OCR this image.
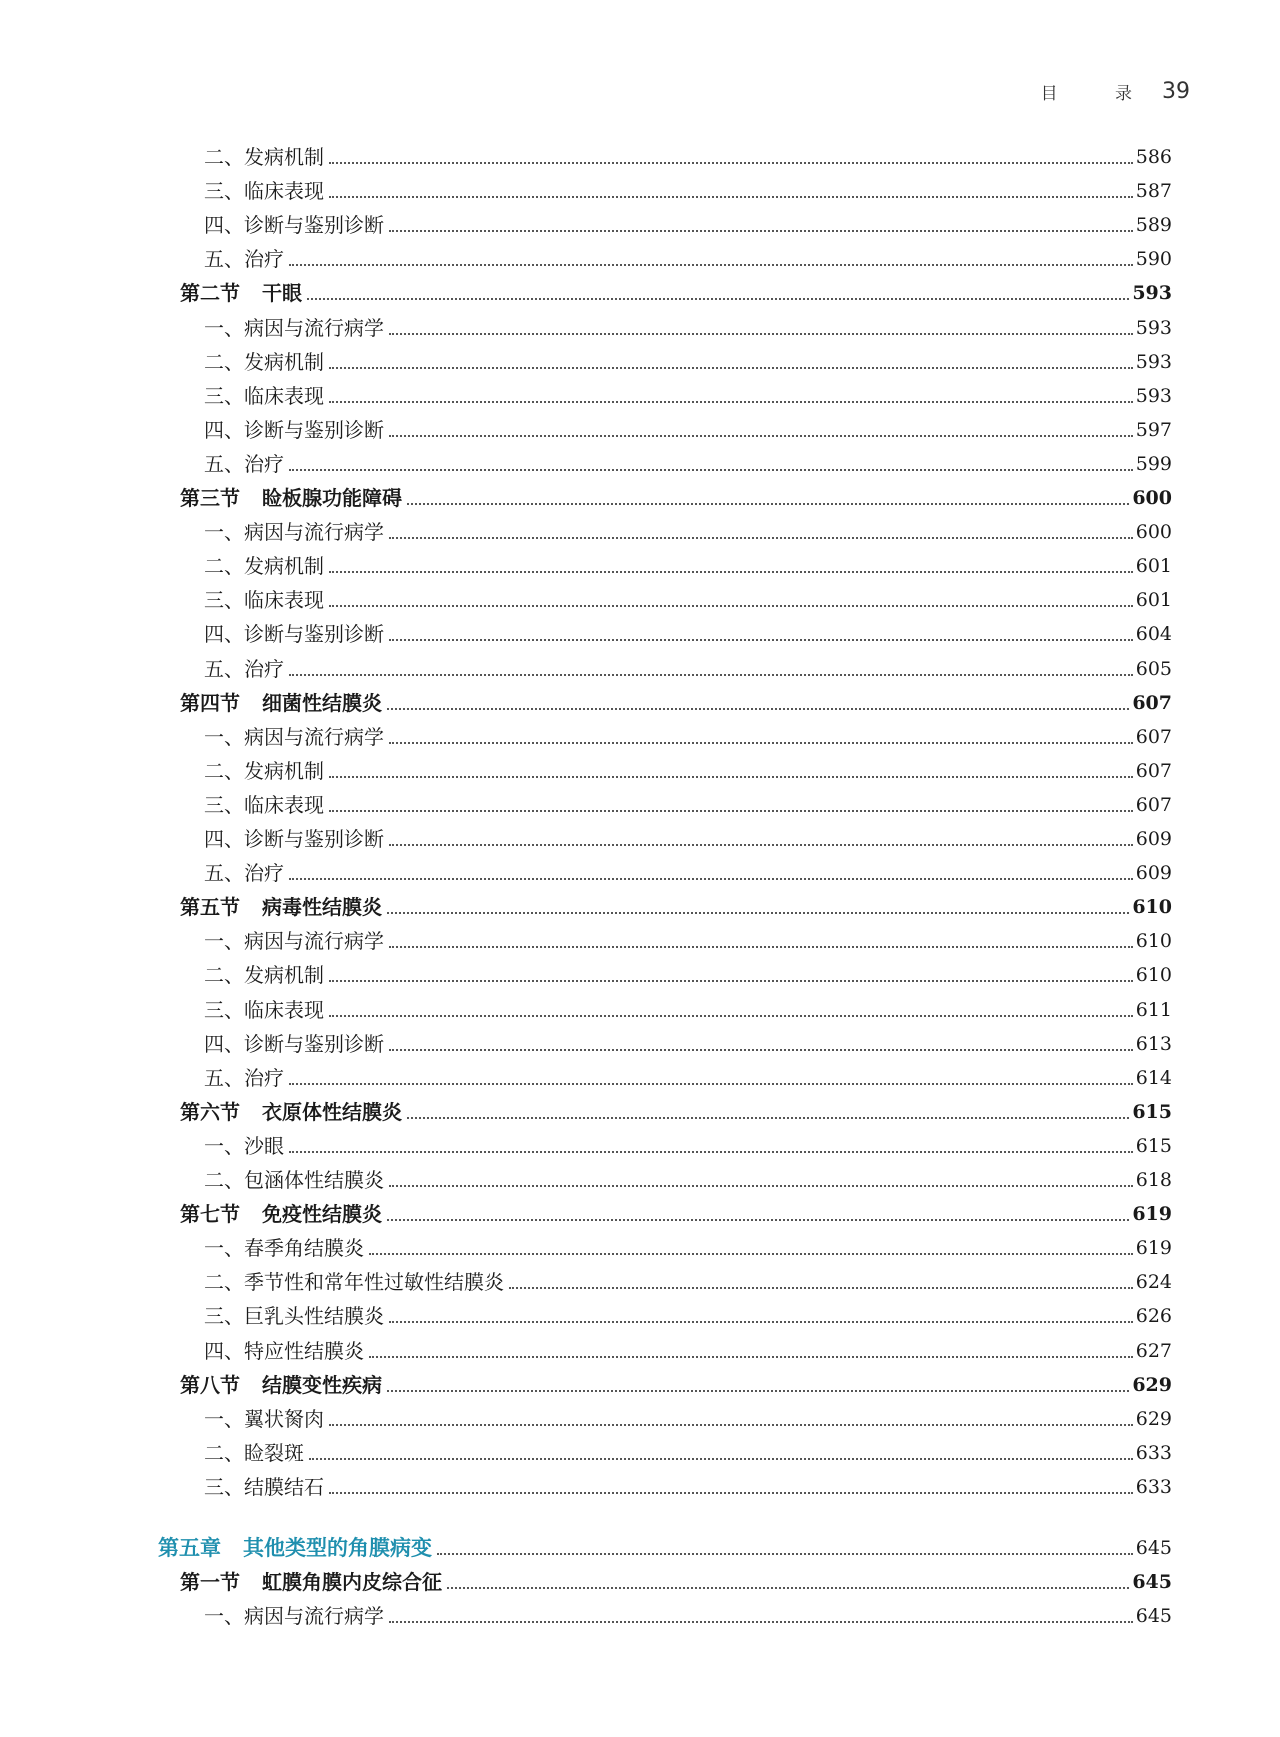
目 录 39
二、发病机制	586
三、临床表现	587
四、诊断与鉴别诊断	589
五、治疗	590
第二节 干眼	593
一、病因与流行病学	593
二、发病机制	593
三、临床表现	593
四、诊断与鉴别诊断	597
五、治疗	599
第三节 睑板腺功能障碍	600
一、病因与流行病学	600
二、发病机制	601
三、临床表现	601
四、诊断与鉴别诊断	604
五、治疗	605
第四节 细菌性结膜炎	607
一、病因与流行病学	607
二、发病机制	607
三、临床表现	607
四、诊断与鉴别诊断	609
五、治疗	609
第五节 病毒性结膜炎	610
一、病因与流行病学	610
二、发病机制	610
三、临床表现	611
四、诊断与鉴别诊断	613
五、治疗	614
第六节 衣原体性结膜炎	615
一、沙眼	615
二、包涵体性结膜炎	618
第七节 免疫性结膜炎	619
一、春季角结膜炎	619
二、季节性和常年性过敏性结膜炎	624
三、巨乳头性结膜炎	626
四、特应性结膜炎	627
第八节 结膜变性疾病	629
一、翼状胬肉	629
二、睑裂斑	633
三、结膜结石	633
第五章 其他类型的角膜病变	645
第一节 虹膜角膜内皮综合征	645
一、病因与流行病学	645
